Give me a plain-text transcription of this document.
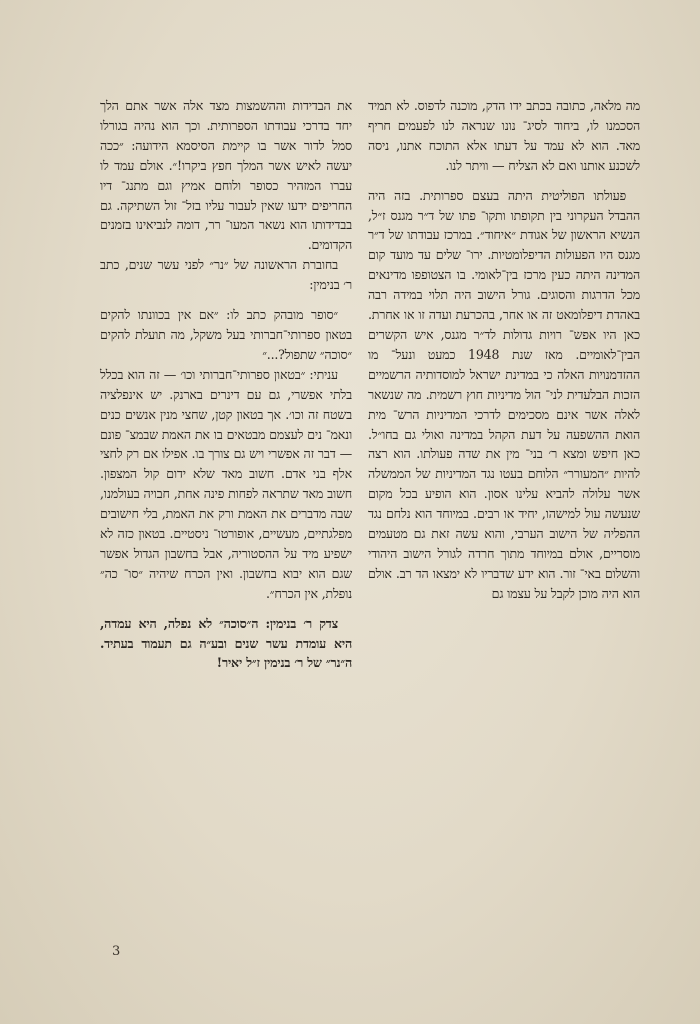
מה מלאה, כתובה בכתב ידו הדק, מוכנה לדפוס. לא תמיד הסכמנו לו, ביחוד לסיג־ נונו שנראה לנו לפעמים חריף מאד. הוא לא עמד על דעתו אלא התוכח אתנו, ניסה לשכנע אותנו ואם לא הצליח — וויתר לנו.

פעולתו הפוליטית היתה בעצם ספרותית. בזה היה ההבדל העקרוני בין תקופתו ותקו־ פתו של ד״ר מגנס ז״ל, הנשיא הראשון של אגודת ״איחוד״. במרכז עבודתו של ד״ר מגנס היו הפעולות הדיפלומטיות. ירו־ שלים עד מועד קום המדינה היתה כעין מרכז בין־לאומי. בו הצטופפו מדינאים מכל הדרגות והסוגים. גורל הישוב היה תלוי במידה רבה באהדת דיפלומאט זה או אחר, בהכרעת ועדה זו או אחרת. כאן היו אפש־ רויות גדולות לד״ר מגנס, איש הקשרים הבין־לאומיים. מאז שנת 1948 כמעט ונעל־ מו ההזדמנויות האלה כי במדינת ישראל למוסדותיה הרשמיים הזכות הבלעדית לני־ הול מדיניות חוץ רשמית. מה שנשאר לאלה אשר אינם מסכימים לדרכי המדיניות הרש־ מית הואת ההשפעה על דעת הקהל במדינה ואולי גם בחו״ל. כאן חיפש ומצא ר׳ בני־ מין את שדה פעולתו. הוא רצה להיות ״המעורר״ הלוחם בעטו נגד המדיניות של הממשלה אשר עלולה להביא עלינו אסון. הוא הופיע בכל מקום שנעשה עול למישהו, יחיד או רבים. במיוחד הוא נלחם נגד ההפליה של הישוב הערבי, והוא עשה זאת גם מטעמים מוסריים, אולם במיוחד מתוך חרדה לגורל הישוב היהודי והשלום באי־ זור. הוא ידע שדבריו לא ימצאו הד רב. אולם הוא היה מוכן לקבל על עצמו גם

את הבדידות וההשמצות מצד אלה אשר אתם הלך יחד בדרכי עבודתו הספרותית. וכך הוא נהיה בגורלו סמל לדור אשר בו קיימת הסיסמא הידועה: ״ככה יעשה לאיש אשר המלך חפץ ביקרו!״. אולם עמד לו עברו המזהיר כסופר ולוחם אמיץ וגם מתנג־ דיו החריפים ידעו שאין לעבור עליו בזל־ זול השתיקה. גם בבדידותו הוא נשאר המעו־ רר, דומה לנביאינו בזמנים הקדומים.

בחוברת הראשונה של ״נר״ לפני עשר שנים, כתב ר׳ בנימין:

״סופר מובהק כתב לו: ״אם אין בכוונתו להקים בטאון ספרותי־חברותי בעל משקל, מה תועלת להקים ״סוכה״ שתפול?...״

עניתי: ״בטאון ספרותי־חברותי וכו׳ — זה הוא בכלל בלתי אפשרי, גם עם דינרים בארנק. יש אינפלציה בשטח זה וכו׳. אך בטאון קטן, שחצי מנין אנשים כנים ונאמ־ נים לעצמם מבטאים בו את האמת שבמצ־ פונם — דבר זה אפשרי ויש גם צורך בו. אפילו אם רק לחצי אלף בני אדם. חשוב מאד שלא ידום קול המצפון. חשוב מאד שתראה לפחות פינה אחת, חבויה בעולמנו, שבה מדברים את האמת ורק את האמת, בלי חישובים מפלגתיים, מעשיים, אופורטו־ ניסטיים. בטאון כזה לא ישפיע מיד על ההסטוריה, אבל בחשבון הגדול אפשר שגם הוא יבוא בחשבון. ואין הכרח שיהיה ״סו־ כה״ נופלת, אין הכרח״.

צדק ר׳ בנימין: ה״סוכה״ לא נפלה, היא עמדה, היא עומדת עשר שנים ובע״ה גם תעמוד בעתיד. ה״נר״ של ר׳ בנימין ז״ל יאיר!

3
